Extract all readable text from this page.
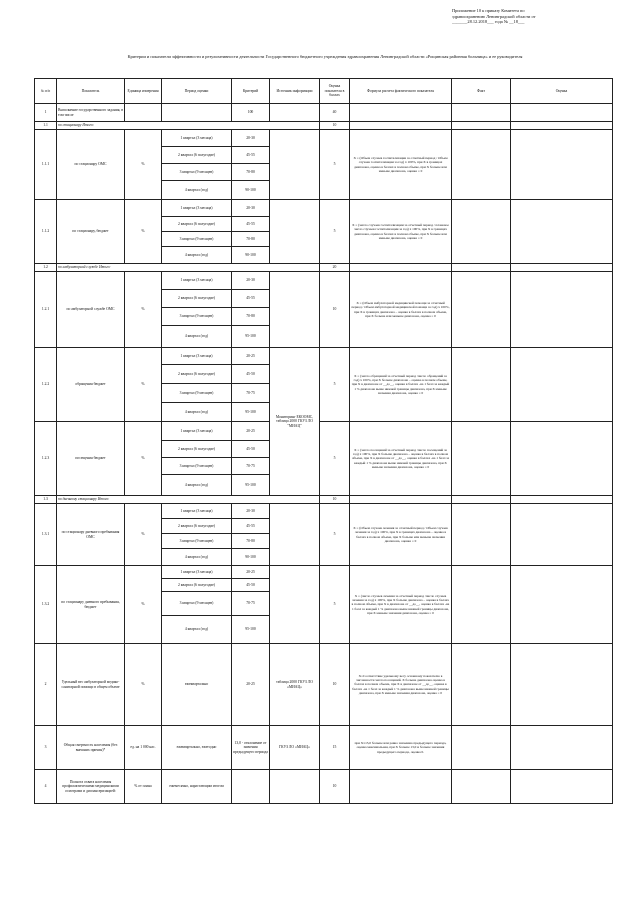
Приложение 10 к приказу Комитета по
здравоохранению Ленинградской области от
_______28.12.2018___ года № __18___
Критерии и показатели эффективности и результативности деятельности Государственного бюджетного учреждения здравоохранения Ленинградской области «Рощинская районная больница» и ее руководителя
№ п/п	Показатель	Единица измерения	Период оценки	Критерий	Источник информации	Оценка показателя в баллах	Формула расчета фактического показателя	Факт	Оценка
1	Выполнение государственного задания, в том числе			100		40			
1.1	по стационару Итого:					10			
1.1.1	по стационару ОМС	%	1 квартал (3 месяца)	20-30		5	X = (Объем случаев госпитализации за отчетный период / Объем случаев госпитализации за год) х 100%, при X в границах диапазона, оценка в баллах в полном объеме, при X больше или меньше диапазона, оценка = 0		
			2 квартал (6 полугодие)	45-55					
			3 квартал (9 месяцев)	70-80					
			4 квартал (год)	90-100					
1.1.2	по стационару, бюджет	%	1 квартал (3 месяца)	20-30		5	X = (число случаев госпитализации за отчетный период / плановое число случаев госпитализации за год) х 100%, при X в границах диапазона, оценка в баллах в полном объеме, при X больше или меньше диапазона, оценка = 0		
			2 квартал (6 полугодие)	45-55					
			3 квартал (9 месяцев)	70-80					
			4 квартал (год)	90-100					
1.2	по амбулаторной службе Итого:					20			
1.2.1	по амбулаторной службе ОМС	%	1 квартал (3 месяца)	20-30		10	X = (Объем амбулаторной медицинской помощи за отчетный период / Объем амбулаторной медицинской помощи за год) х 100%, при X в границах диапазона – оценка в баллах в полном объеме, при X больше или меньше диапазона, оценка = 0		
			2 квартал (6 полугодие)	45-55					
			3 квартал (9 месяцев)	70-80					
			4 квартал (год)	95-100					
1.2.2	обращения бюджет	%	1 квартал (3 месяца)	20-25	Мониторинг ЕКООМС, таблица 2000 ГКУЗ ЛО "МИАЦ"	5	X = (число обращений за отчетный период /число обращений за год) х 100%, при X больше диапазона – оценка в полном объеме, при X в диапазоне от __до__, оценка в баллах -на 1 балл за каждый 1 % диапазона выше нижней границы диапазона, при X меньше значения диапазона, оценка = 0		
			2 квартал (6 полугодие)	45-50					
			3 квартал (9 месяцев)	70-75					
			4 квартал (год)	95-100					
1.2.3	посещения бюджет	%	1 квартал (3 месяца)	20-25		5	X = (число посещений за отчетный период /число посещений за год) х 100%, при X больше диапазона – оценка в баллах в полном объеме, при X в диапазоне от __до__, оценка в баллах -на 1 балл за каждый 1 % диапазона выше нижней границы диапазона, при X меньше значения диапазона, оценка = 0		
			2 квартал (6 полугодие)	45-50					
			3 квартал (9 месяцев)	70-75					
			4 квартал (год)	95-100					
1.3	по дневному стационару Итого:					10			
1.3.1	по стационару дневного пребывания ОМС	%	1 квартал (3 месяца)	20-30		5	X = (Объем случаев лечения за отчетный период / Объем случаев лечения за год) х 100%, при X в границах диапазона – оценка в баллах в полном объеме, при X больше или меньше значения диапазона, оценка = 0		
			2 квартал (6 полугодие)	45-55					
			3 квартал (9 месяцев)	70-80					
			4 квартал (год)	90-100					
1.3.2	по стационару дневного пребывания, бюджет	%	1 квартал (3 месяца)	20-25		5	X = (число случаев лечения за отчетный период /число случаев лечения за год) х 100%, при X больше диапазона – оценка в баллах в полном объеме, при X в диапазоне от __до__, оценка в баллах -на 1 балл за каждый 1 % диапазона выше нижней границы диапазона, при X меньше значения диапазона, оценка = 0		
			2 квартал (6 полугодие)	45-50					
			3 квартал (9 месяцев)	70-75					
			4 квартал (год)	95-100					
2	Удельный вес амбулаторной медико-санитарной помощи в общем объеме	%	ежеквартально	20-25	таблица 2000 ГКУЗ ЛО «МИАЦ»	10	X=Соответствие удельному весу основному показателю в численности числа посещений. X больше диапазона оценка в баллах в полном объеме, при X в диапазоне от __до__, оценка в баллах -на 1 балл за каждый 1 % диапазона выше нижней границы диапазона, при X меньше значения диапазона, оценка = 0		
3	Общая смертность населения (без внешних причин)*	ед. на 1 000 нас.	ежеквартально, ежегодно	13,0 - отклонение от значения предыдущего периода	ГКУЗ ЛО «МИАЦ»	15	при X≤13,0 больше или равно значению предыдущего периода, оценка максимальная, при X больше 13,0 и больше значения предыдущего периода, оценка 0.		
4	Полнота охвата населения профилактическими медицинскими осмотрами и диспансеризацией:	% от плана	ежемесячно, нарастающим итогом			10			
